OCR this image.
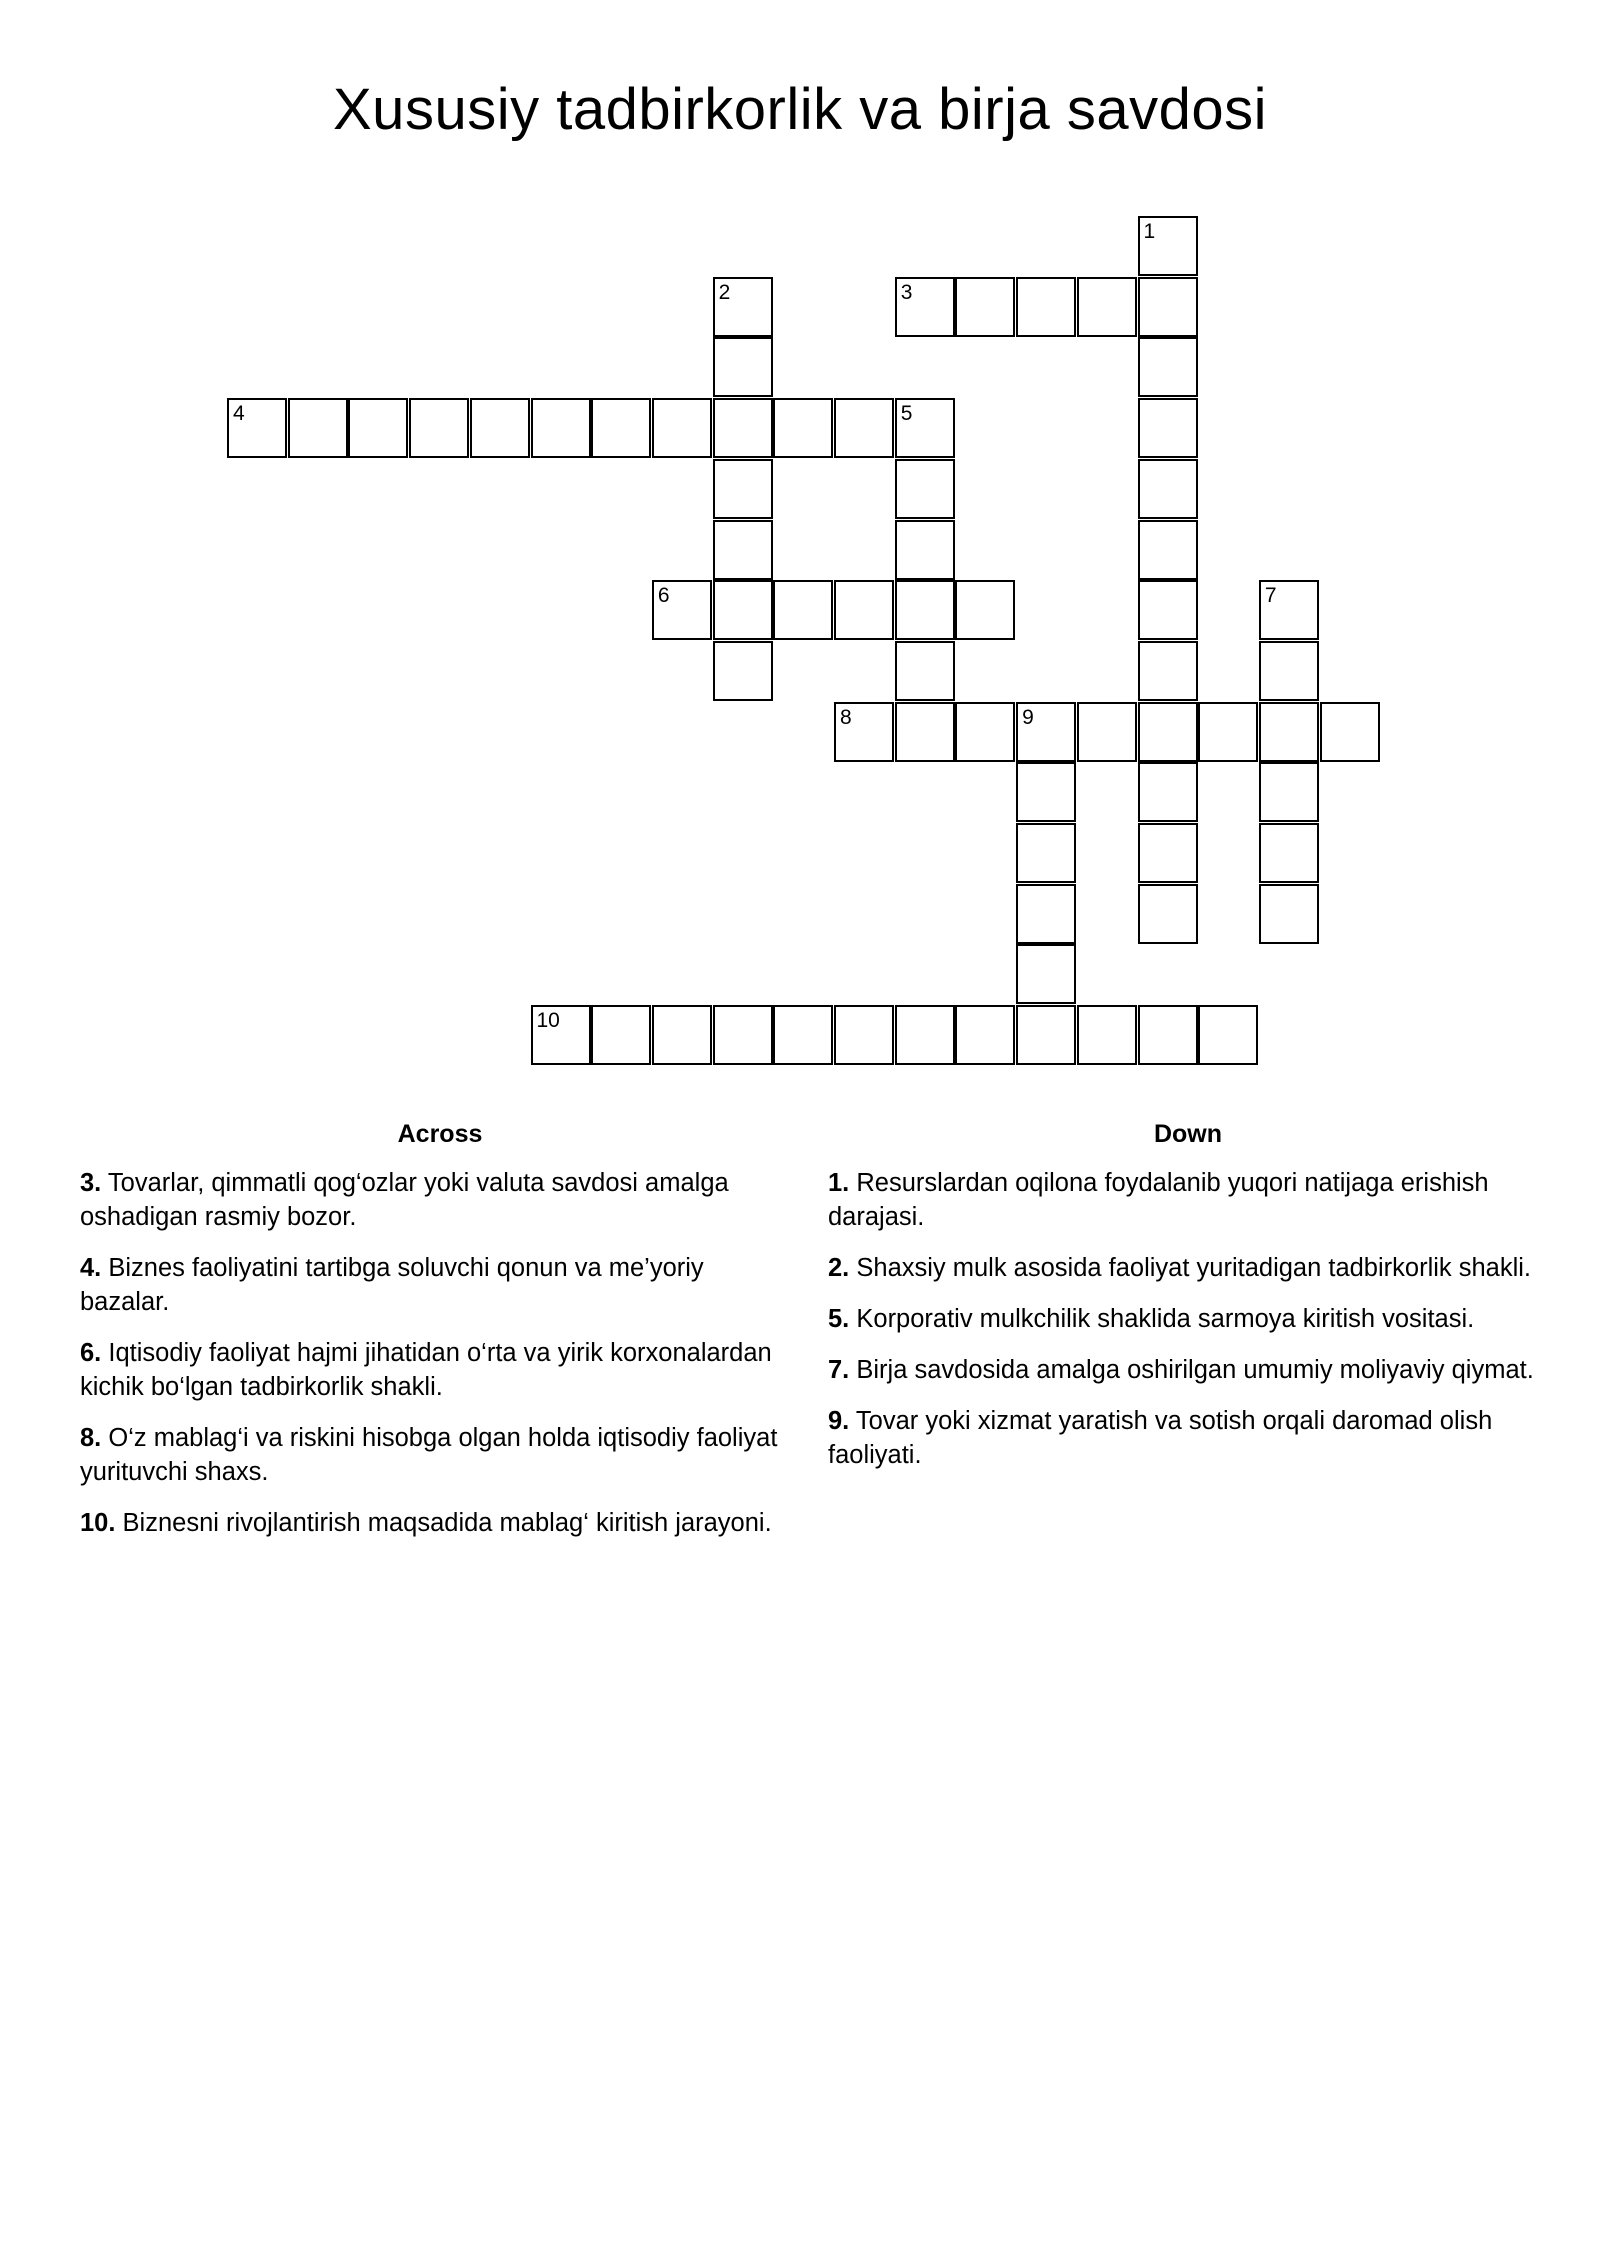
Xususiy tadbirkorlik va birja savdosi
1
2	3
4	5
6	7
8	9
10
Across
3. Tovarlar, qimmatli qog‘ozlar yoki valuta savdosi amalga oshadigan rasmiy bozor.
4. Biznes faoliyatini tartibga soluvchi qonun va me’yoriy bazalar.
6. Iqtisodiy faoliyat hajmi jihatidan o‘rta va yirik korxonalardan kichik bo‘lgan tadbirkorlik shakli.
8. O‘z mablag‘i va riskini hisobga olgan holda iqtisodiy faoliyat yurituvchi shaxs.
10. Biznesni rivojlantirish maqsadida mablag‘ kiritish jarayoni.
Down
1. Resurslardan oqilona foydalanib yuqori natijaga erishish darajasi.
2. Shaxsiy mulk asosida faoliyat yuritadigan tadbirkorlik shakli.
5. Korporativ mulkchilik shaklida sarmoya kiritish vositasi.
7. Birja savdosida amalga oshirilgan umumiy moliyaviy qiymat.
9. Tovar yoki xizmat yaratish va sotish orqali daromad olish faoliyati.
